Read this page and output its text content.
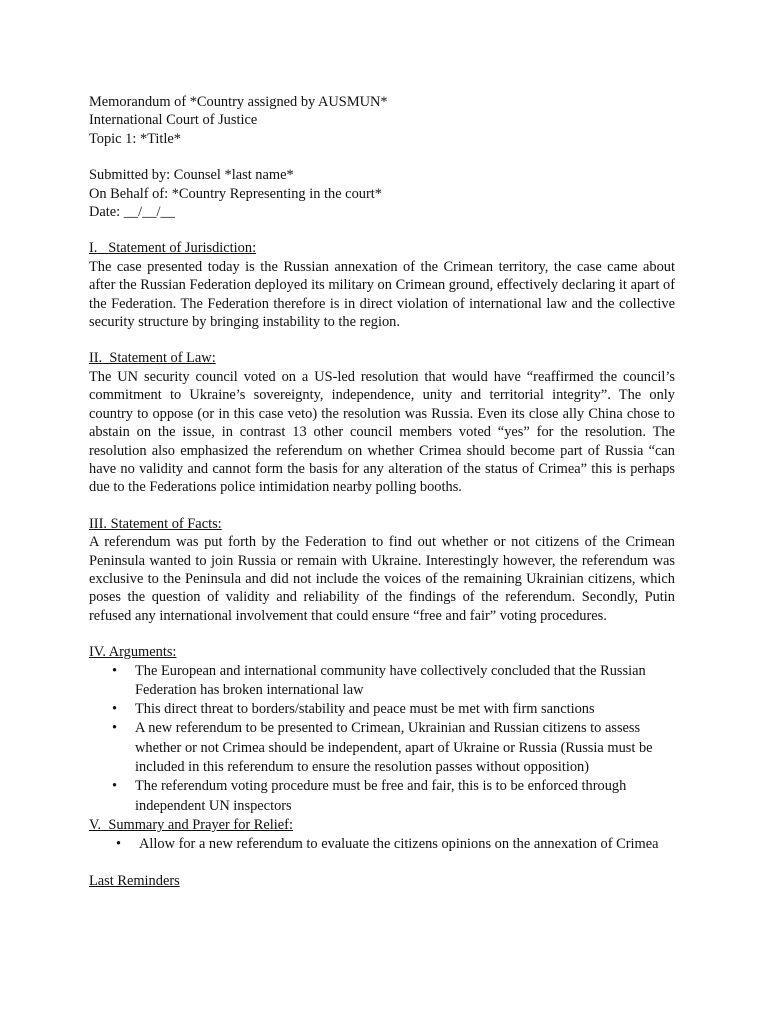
Memorandum of *Country assigned by AUSMUN*
International Court of Justice
Topic 1: *Title*
Submitted by: Counsel *last name*
On Behalf of: *Country Representing in the court*
Date: __/__/__
I. Statement of Jurisdiction:
The case presented today is the Russian annexation of the Crimean territory, the case came about after the Russian Federation deployed its military on Crimean ground, effectively declaring it apart of the Federation. The Federation therefore is in direct violation of international law and the collective security structure by bringing instability to the region.
II. Statement of Law:
The UN security council voted on a US-led resolution that would have “reaffirmed the council’s commitment to Ukraine’s sovereignty, independence, unity and territorial integrity”. The only country to oppose (or in this case veto) the resolution was Russia. Even its close ally China chose to abstain on the issue, in contrast 13 other council members voted “yes” for the resolution. The resolution also emphasized the referendum on whether Crimea should become part of Russia “can have no validity and cannot form the basis for any alteration of the status of Crimea” this is perhaps due to the Federations police intimidation nearby polling booths.
III. Statement of Facts:
A referendum was put forth by the Federation to find out whether or not citizens of the Crimean Peninsula wanted to join Russia or remain with Ukraine. Interestingly however, the referendum was exclusive to the Peninsula and did not include the voices of the remaining Ukrainian citizens, which poses the question of validity and reliability of the findings of the referendum. Secondly, Putin refused any international involvement that could ensure “free and fair” voting procedures.
IV. Arguments:
• The European and international community have collectively concluded that the Russian Federation has broken international law
• This direct threat to borders/stability and peace must be met with firm sanctions
• A new referendum to be presented to Crimean, Ukrainian and Russian citizens to assess whether or not Crimea should be independent, apart of Ukraine or Russia (Russia must be included in this referendum to ensure the resolution passes without opposition)
• The referendum voting procedure must be free and fair, this is to be enforced through independent UN inspectors
V. Summary and Prayer for Relief:
• Allow for a new referendum to evaluate the citizens opinions on the annexation of Crimea
Last Reminders
